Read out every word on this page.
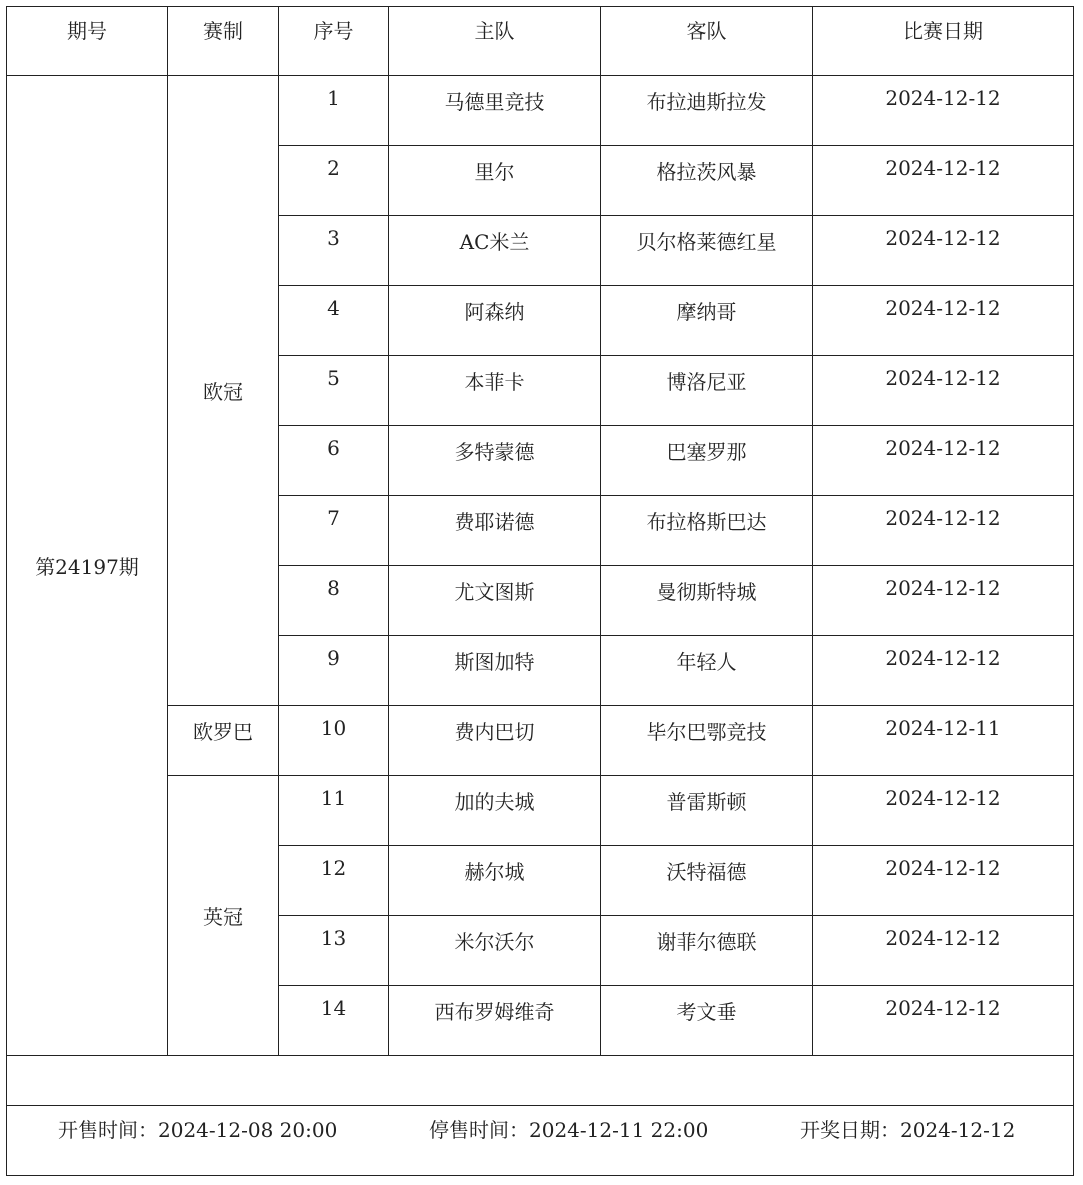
期号	赛制	序号	主队	客队	比赛日期
第24197期	欧冠	1	马德里竞技	布拉迪斯拉发	2024-12-12
		2	里尔	格拉茨风暴	2024-12-12
		3	AC米兰	贝尔格莱德红星	2024-12-12
		4	阿森纳	摩纳哥	2024-12-12
		5	本菲卡	博洛尼亚	2024-12-12
		6	多特蒙德	巴塞罗那	2024-12-12
		7	费耶诺德	布拉格斯巴达	2024-12-12
		8	尤文图斯	曼彻斯特城	2024-12-12
		9	斯图加特	年轻人	2024-12-12
	欧罗巴	10	费内巴切	毕尔巴鄂竞技	2024-12-11
	英冠	11	加的夫城	普雷斯顿	2024-12-12
		12	赫尔城	沃特福德	2024-12-12
		13	米尔沃尔	谢菲尔德联	2024-12-12
		14	西布罗姆维奇	考文垂	2024-12-12

开售时间：2024-12-08 20:00 停售时间：2024-12-11 22:00 开奖日期：2024-12-12					
